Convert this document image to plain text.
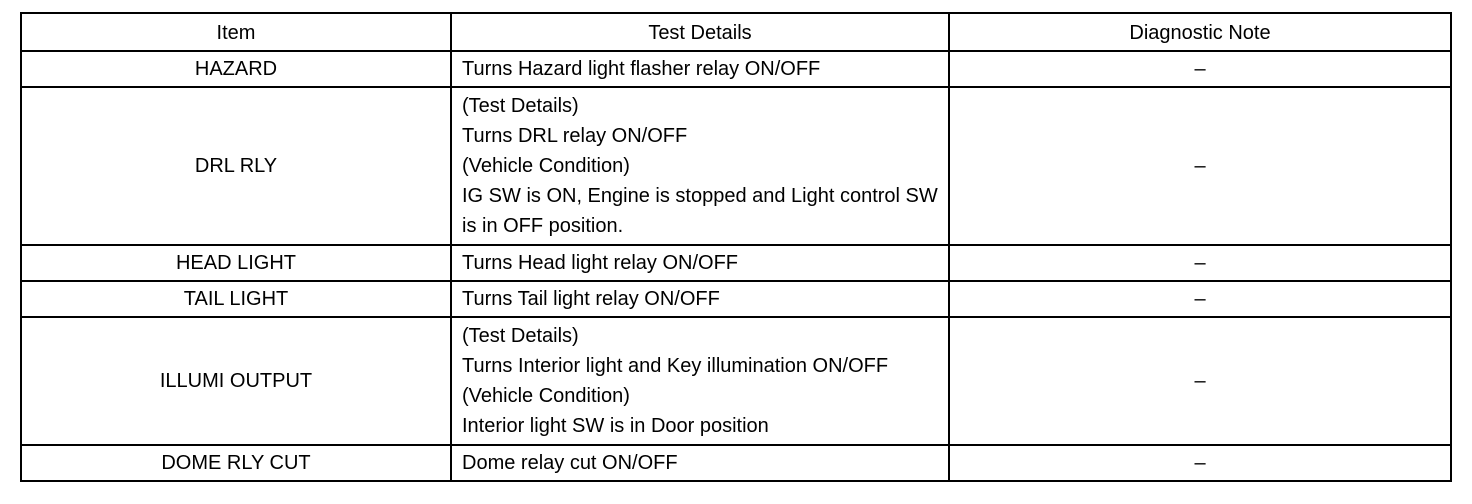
Item	Test Details	Diagnostic Note
HAZARD	Turns Hazard light flasher relay ON/OFF	–
DRL RLY	(Test Details)
Turns DRL relay ON/OFF
(Vehicle Condition)
IG SW is ON, Engine is stopped and Light control SW is in OFF position.	–
HEAD LIGHT	Turns Head light relay ON/OFF	–
TAIL LIGHT	Turns Tail light relay ON/OFF	–
ILLUMI OUTPUT	(Test Details)
Turns Interior light and Key illumination ON/OFF
(Vehicle Condition)
Interior light SW is in Door position	–
DOME RLY CUT	Dome relay cut ON/OFF	–
